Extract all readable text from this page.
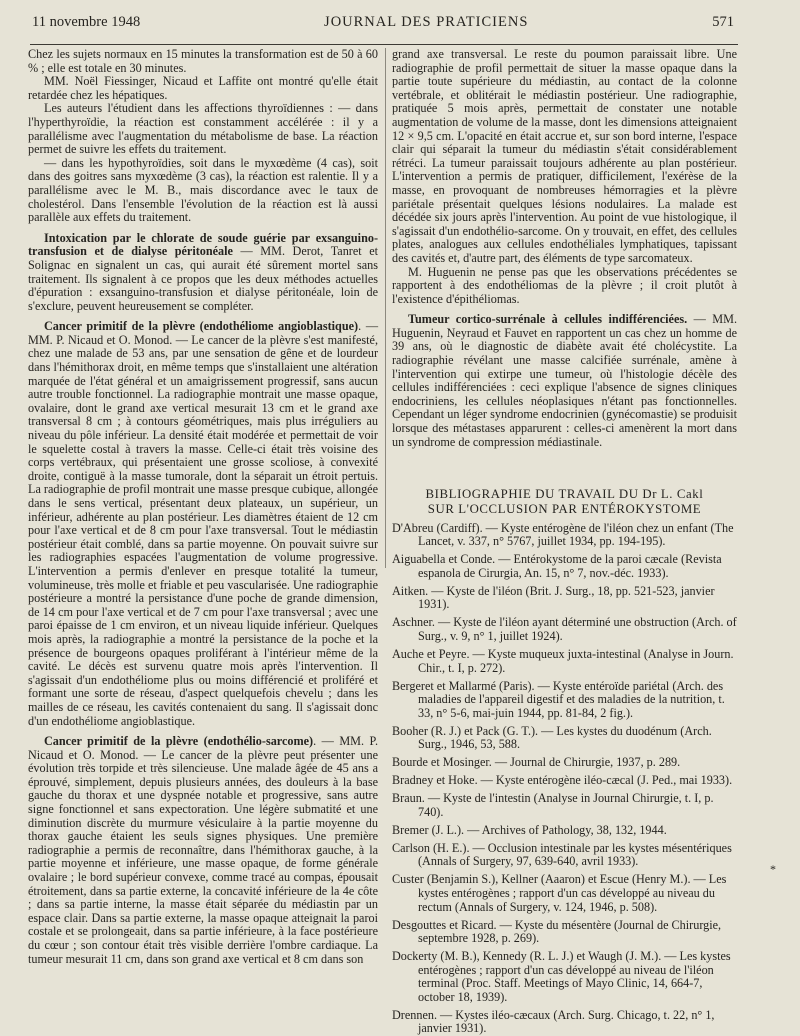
11 novembre 1948	JOURNAL DES PRATICIENS	571

Chez les sujets normaux en 15 minutes la transformation est de 50 à 60 % ; elle est totale en 30 minutes.

MM. Noël Fiessinger, Nicaud et Laffite ont montré qu'elle était retardée chez les hépatiques.

Les auteurs l'étudient dans les affections thyroïdiennes : — dans l'hyperthyroïdie, la réaction est constamment accélérée : il y a parallélisme avec l'augmentation du métabolisme de base. La réaction permet de suivre les effets du traitement.

— dans les hypothyroïdies, soit dans le myxœdème (4 cas), soit dans des goitres sans myxœdème (3 cas), la réaction est ralentie. Il y a parallélisme avec le M. B., mais discordance avec le taux de cholestérol. Dans l'ensemble l'évolution de la réaction est là aussi parallèle aux effets du traitement.

Intoxication par le chlorate de soude guérie par exsanguino-transfusion et de dialyse péritonéale — MM. Derot, Tanret et Solignac en signalent un cas, qui aurait été sûrement mortel sans traitement. Ils signalent à ce propos que les deux méthodes actuelles d'épuration : exsanguino-transfusion et dialyse péritonéale, loin de s'exclure, peuvent heureusement se compléter.

Cancer primitif de la plèvre (endothéliome angioblastique). — MM. P. Nicaud et O. Monod. — Le cancer de la plèvre s'est manifesté, chez une malade de 53 ans, par une sensation de gêne et de lourdeur dans l'hémithorax droit, en même temps que s'installaient une altération marquée de l'état général et un amaigrissement progressif, sans aucun autre trouble fonctionnel. La radiographie montrait une masse opaque, ovalaire, dont le grand axe vertical mesurait 13 cm et le grand axe transversal 8 cm ; à contours géométriques, mais plus irréguliers au niveau du pôle inférieur. La densité était modérée et permettait de voir le squelette costal à travers la masse. Celle-ci était très voisine des corps vertébraux, qui présentaient une grosse scoliose, à convexité droite, contiguë à la masse tumorale, dont la séparait un étroit pertuis. La radiographie de profil montrait une masse presque cubique, allongée dans le sens vertical, présentant deux plateaux, un supérieur, un inférieur, adhérente au plan postérieur. Les diamètres étaient de 12 cm pour l'axe vertical et de 8 cm pour l'axe transversal. Tout le médiastin postérieur était comblé, dans sa partie moyenne. On pouvait suivre sur les radiographies espacées l'augmentation de volume progressive. L'intervention a permis d'enlever en presque totalité la tumeur, volumineuse, très molle et friable et peu vascularisée. Une radiographie postérieure a montré la persistance d'une poche de grande dimension, de 14 cm pour l'axe vertical et de 7 cm pour l'axe transversal ; avec une paroi épaisse de 1 cm environ, et un niveau liquide inférieur. Quelques mois après, la radiographie a montré la persistance de la poche et la présence de bourgeons opaques proliférant à l'intérieur même de la cavité. Le décès est survenu quatre mois après l'intervention. Il s'agissait d'un endothéliome plus ou moins différencié et proliféré et formant une sorte de réseau, d'aspect quelquefois chevelu ; dans les mailles de ce réseau, les cavités contenaient du sang. Il s'agissait donc d'un endothéliome angioblastique.

Cancer primitif de la plèvre (endothélio-sarcome). — MM. P. Nicaud et O. Monod. — Le cancer de la plèvre peut présenter une évolution très torpide et très silencieuse. Une malade âgée de 45 ans a éprouvé, simplement, depuis plusieurs années, des douleurs à la base gauche du thorax et une dyspnée notable et progressive, sans autre signe fonctionnel et sans expectoration. Une légère submatité et une diminution discrète du murmure vésiculaire à la partie moyenne du thorax gauche étaient les seuls signes physiques. Une première radiographie a permis de reconnaître, dans l'hémithorax gauche, à la partie moyenne et inférieure, une masse opaque, de forme générale ovalaire ; le bord supérieur convexe, comme tracé au compas, épousait étroitement, dans sa partie externe, la concavité inférieure de la 4e côte ; dans sa partie interne, la masse était séparée du médiastin par un espace clair. Dans sa partie externe, la masse opaque atteignait la paroi costale et se prolongeait, dans sa partie inférieure, à la face postérieure du cœur ; son contour était très visible derrière l'ombre cardiaque. La tumeur mesurait 11 cm, dans son grand axe vertical et 8 cm dans son

grand axe transversal. Le reste du poumon paraissait libre. Une radiographie de profil permettait de situer la masse opaque dans la partie toute supérieure du médiastin, au contact de la colonne vertébrale, et oblitérait le médiastin postérieur. Une radiographie, pratiquée 5 mois après, permettait de constater une notable augmentation de volume de la masse, dont les dimensions atteignaient 12 × 9,5 cm. L'opacité en était accrue et, sur son bord interne, l'espace clair qui séparait la tumeur du médiastin s'était considérablement rétréci. La tumeur paraissait toujours adhérente au plan postérieur. L'intervention a permis de pratiquer, difficilement, l'exérèse de la masse, en provoquant de nombreuses hémorragies et la plèvre pariétale présentait quelques lésions nodulaires. La malade est décédée six jours après l'intervention. Au point de vue histologique, il s'agissait d'un endothélio-sarcome. On y trouvait, en effet, des cellules plates, analogues aux cellules endothéliales lymphatiques, tapissant des cavités et, d'autre part, des éléments de type sarcomateux.

M. Huguenin ne pense pas que les observations précédentes se rapportent à des endothéliomas de la plèvre ; il croit plutôt à l'existence d'épithéliomas.

Tumeur cortico-surrénale à cellules indifférenciées. — MM. Huguenin, Neyraud et Fauvet en rapportent un cas chez un homme de 39 ans, où le diagnostic de diabète avait été cholécystite. La radiographie révélant une masse calcifiée surrénale, amène à l'intervention qui extirpe une tumeur, où l'histologie décèle des cellules indifférenciées : ceci explique l'absence de signes cliniques endocriniens, les cellules néoplasiques n'étant pas fonctionnelles. Cependant un léger syndrome endocrinien (gynécomastie) se produisit lorsque des métastases apparurent : celles-ci amenèrent la mort dans un syndrome de compression médiastinale.

BIBLIOGRAPHIE DU TRAVAIL DU Dr L. Cakl
SUR L'OCCLUSION PAR ENTÉROKYSTOME
D'Abreu (Cardiff). — Kyste entérogène de l'iléon chez un enfant (The Lancet, v. 337, n° 5767, juillet 1934, pp. 194-195).
Aiguabella et Conde. — Entérokystome de la paroi cæcale (Revista espanola de Cirurgia, An. 15, n° 7, nov.-déc. 1933).
Aitken. — Kyste de l'iléon (Brit. J. Surg., 18, pp. 521-523, janvier 1931).
Aschner. — Kyste de l'iléon ayant déterminé une obstruction (Arch. of Surg., v. 9, n° 1, juillet 1924).
Auche et Peyre. — Kyste muqueux juxta-intestinal (Analyse in Journ. Chir., t. I, p. 272).
Bergeret et Mallarmé (Paris). — Kyste entéroïde pariétal (Arch. des maladies de l'appareil digestif et des maladies de la nutrition, t. 33, n° 5-6, mai-juin 1944, pp. 81-84, 2 fig.).
Booher (R. J.) et Pack (G. T.). — Les kystes du duodénum (Arch. Surg., 1946, 53, 588.
Bourde et Mosinger. — Journal de Chirurgie, 1937, p. 289.
Bradney et Hoke. — Kyste entérogène iléo-cæcal (J. Ped., mai 1933).
Braun. — Kyste de l'intestin (Analyse in Journal Chirurgie, t. I, p. 740).
Bremer (J. L.). — Archives of Pathology, 38, 132, 1944.
Carlson (H. E.). — Occlusion intestinale par les kystes mésentériques (Annals of Surgery, 97, 639-640, avril 1933).
Custer (Benjamin S.), Kellner (Aaaron) et Escue (Henry M.). — Les kystes entérogènes ; rapport d'un cas développé au niveau du rectum (Annals of Surgery, v. 124, 1946, p. 508).
Desgouttes et Ricard. — Kyste du mésentère (Journal de Chirurgie, septembre 1928, p. 269).
Dockerty (M. B.), Kennedy (R. L. J.) et Waugh (J. M.). — Les kystes entérogènes ; rapport d'un cas développé au niveau de l'iléon terminal (Proc. Staff. Meetings of Mayo Clinic, 14, 664-7, october 18, 1939).
Drennen. — Kystes iléo-cæcaux (Arch. Surg. Chicago, t. 22, n° 1, janvier 1931).
*
